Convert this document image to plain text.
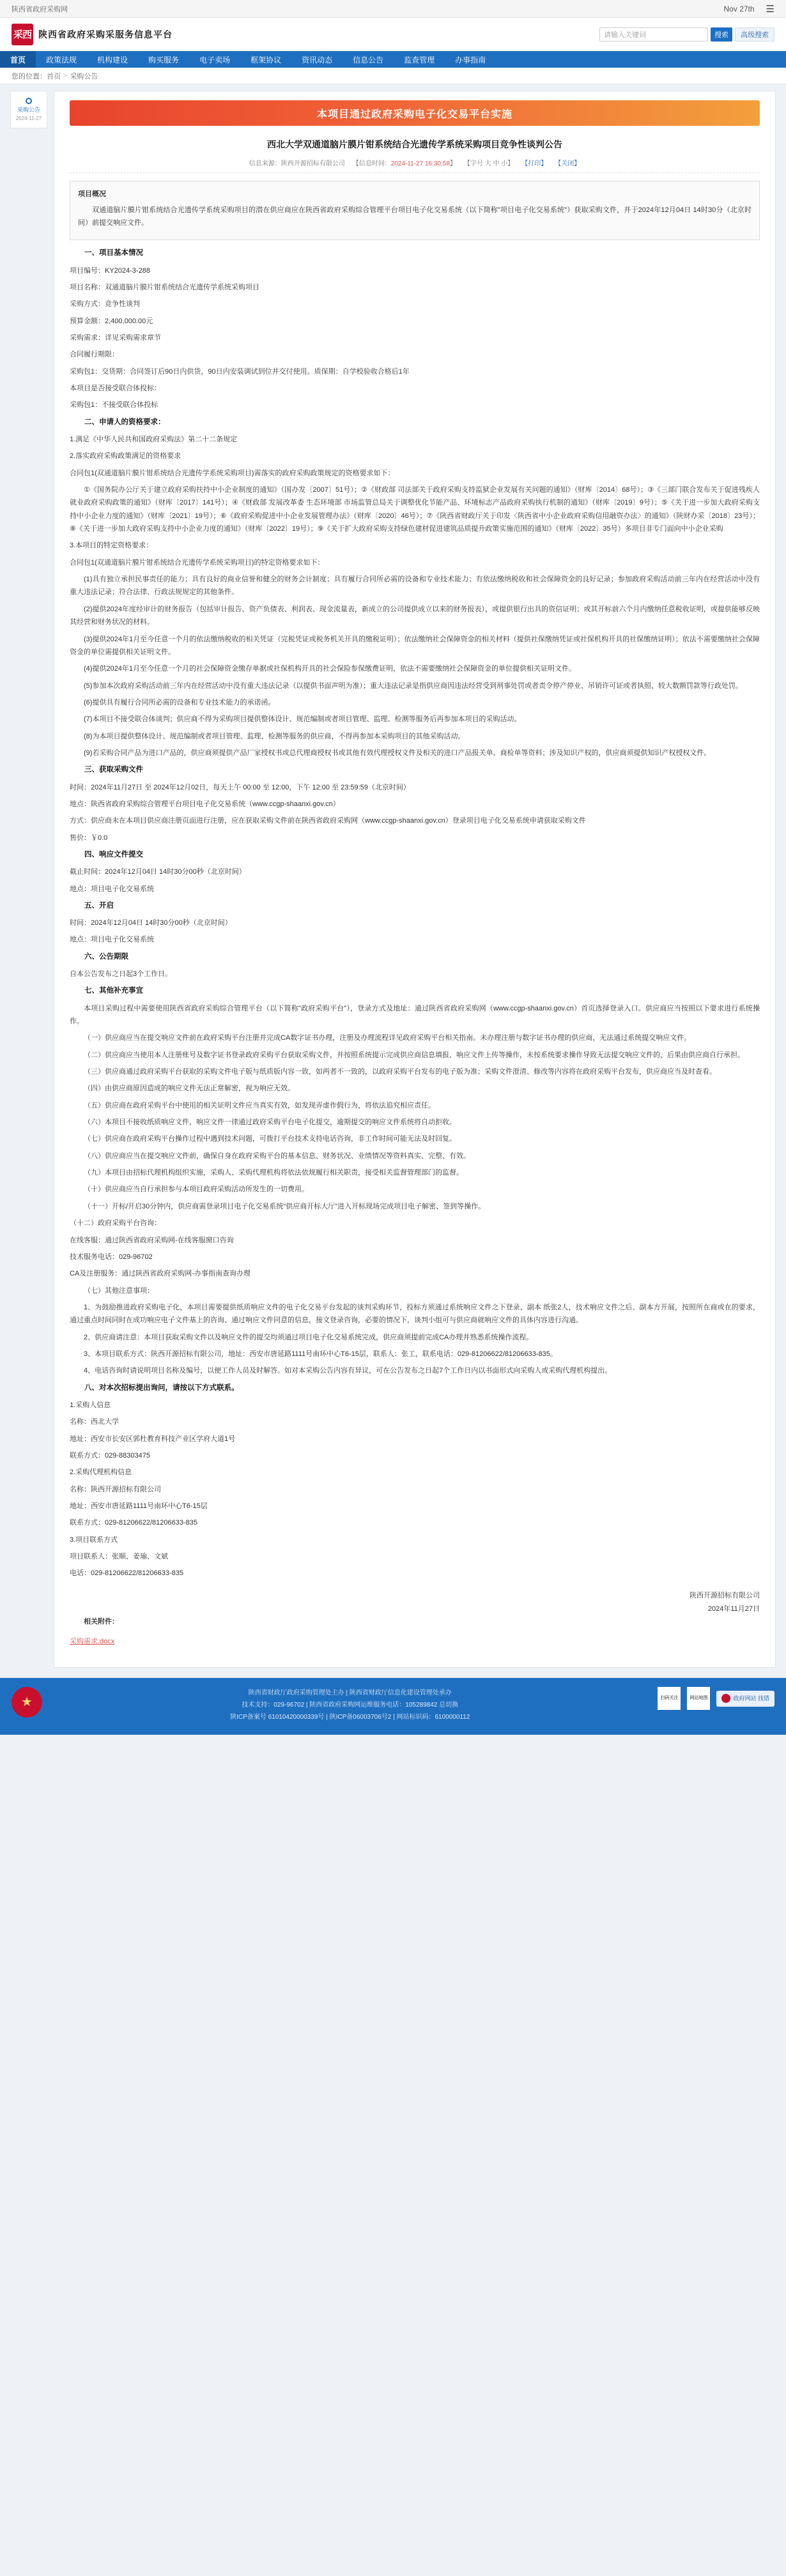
陕西省政府采购网	Nov 27th ☰
采西 陕西省政府采购采服务信息平台	请输入关键词	搜索	高级搜索
首页	政策法规	机构建设	购买服务	电子卖场	框架协议	资讯动态	信息公告	监查管理	办事指南
您的位置： 首页 > 采购公告
采购公告
2024-11-27	本项目通过政府采购电子化交易平台实施
西北大学双通道脑片膜片钳系统结合光遗传学系统采购项目竞争性谈判公告
信息来源：陕西开源招标有限公司 【信息时间：2024-11-27 16:30:58】 【字号 大 中 小】 【打印】 【关闭】

项目概况

双通道脑片膜片钳系统结合光遗传学系统采购项目的潜在供应商应在陕西省政府采购综合管理平台项目电子化交易系统（以下简称"项目电子化交易系统"）获取采购文件，并于2024年12月04日 14时30分（北京时间）前提交响应文件。

一、项目基本情况

项目编号：KY2024-3-288

项目名称：双通道脑片膜片钳系统结合光遗传学系统采购项目

采购方式：竞争性谈判

预算金额：2,400,000.00元

采购需求：详见采购需求章节

合同履行期限：

采购包1：交货期：合同签订后90日内供货，90日内安装调试到位并交付使用。质保期：自学校验收合格后1年

本项目是否接受联合体投标：

采购包1：不接受联合体投标

二、申请人的资格要求：

1.满足《中华人民共和国政府采购法》第二十二条规定

2.落实政府采购政策满足的资格要求

合同包1(双通道脑片膜片钳系统结合光遗传学系统采购项目)需落实的政府采购政策规定的资格要求如下：

①《国务院办公厅关于建立政府采购扶持中小企业制度的通知》（国办发〔2007〕51号）；②《财政部 司法部关于政府采购支持监狱企业发展有关问题的通知》（财库〔2014〕68号）；③《三部门联合发布关于促进残疾人就业政府采购政策的通知》（财库〔2017〕141号）；④《财政部 发展改革委 生态环境部 市场监管总局关于调整优化节能产品、环境标志产品政府采购执行机制的通知》（财库〔2019〕9号）；⑤《关于进一步加大政府采购支持中小企业力度的通知》（财库〔2021〕19号）；⑥《政府采购促进中小企业发展管理办法》（财库〔2020〕46号）；⑦《陕西省财政厅关于印发〈陕西省中小企业政府采购信用融资办法〉的通知》（陕财办采〔2018〕23号）；⑧《关于进一步加大政府采购支持中小企业力度的通知》（财库〔2022〕19号）；⑨《关于扩大政府采购支持绿色建材促进建筑品质提升政策实施范围的通知》（财库〔2022〕35号）多项目非专门面向中小企业采购

3.本项目的特定资格要求：

合同包1(双通道脑片膜片钳系统结合光遗传学系统采购项目)的特定资格要求如下：

(1)具有独立承担民事责任的能力；具有良好的商业信誉和健全的财务会计制度；具有履行合同所必需的设备和专业技术能力；有依法缴纳税收和社会保障资金的良好记录；参加政府采购活动前三年内在经营活动中没有重大违法记录；符合法律、行政法规规定的其他条件。

(2)提供2024年度经审计的财务报告（包括审计报告、资产负债表、利润表、现金流量表，新成立的公司提供成立以来的财务报表），或提供银行出具的资信证明；或其开标前六个月内缴纳任意税收证明，或提供能够反映其经营和财务状况的材料。

(3)提供2024年1月至今任意一个月的依法缴纳税收的相关凭证（完税凭证或税务机关开具的缴税证明）；依法缴纳社会保障资金的相关材料（提供社保缴纳凭证或社保机构开具的社保缴纳证明）；依法不需要缴纳社会保障资金的单位需提供相关证明文件。

(4)提供2024年1月至今任意一个月的社会保障资金缴存单据或社保机构开具的社会保险参保缴费证明，依法不需要缴纳社会保障资金的单位提供相关证明文件。

(5)参加本次政府采购活动前三年内在经营活动中没有重大违法记录（以提供书面声明为准）；重大违法记录是指供应商因违法经营受到刑事处罚或者责令停产停业、吊销许可证或者执照、较大数额罚款等行政处罚。

(6)提供具有履行合同所必需的设备和专业技术能力的承诺函。

(7)本项目不接受联合体谈判；供应商不得为采购项目提供整体设计、规范编制或者项目管理、监理、检测等服务后再参加本项目的采购活动。

(8)为本项目提供整体设计、规范编制或者项目管理、监理、检测等服务的供应商，不得再参加本采购项目的其他采购活动。

(9)若采购合同产品为进口产品的，供应商须提供产品厂家授权书或总代理商授权书或其他有效代理授权文件及相关的进口产品报关单、商检单等资料；涉及知识产权的，供应商须提供知识产权授权文件。

三、获取采购文件

时间：2024年11月27日 至 2024年12月02日，每天上午 00:00 至 12:00，下午 12:00 至 23:59:59（北京时间）

地点：陕西省政府采购综合管理平台项目电子化交易系统（www.ccgp-shaanxi.gov.cn）

方式：供应商未在本项目供应商注册页面进行注册，应在获取采购文件前在陕西省政府采购网（www.ccgp-shaanxi.gov.cn）登录项目电子化交易系统申请获取采购文件

售价：￥0.0

四、响应文件提交

截止时间：2024年12月04日 14时30分00秒（北京时间）

地点：项目电子化交易系统

五、开启

时间：2024年12月04日 14时30分00秒（北京时间）

地点：项目电子化交易系统

六、公告期限

自本公告发布之日起3个工作日。

七、其他补充事宜

本项目采购过程中需要使用陕西省政府采购综合管理平台（以下简称"政府采购平台"），登录方式及地址：通过陕西省政府采购网（www.ccgp-shaanxi.gov.cn）首页选择登录入口。供应商应当按照以下要求进行系统操作。

（一）供应商应当在提交响应文件前在政府采购平台注册并完成CA数字证书办理，注册及办理流程详见政府采购平台相关指南。未办理注册与数字证书办理的供应商，无法通过系统提交响应文件。

（二）供应商应当使用本人注册账号及数字证书登录政府采购平台获取采购文件，并按照系统提示完成供应商信息填报、响应文件上传等操作，未按系统要求操作导致无法提交响应文件的，后果由供应商自行承担。

（三）供应商通过政府采购平台获取的采购文件电子版与纸质版内容一致，如两者不一致的，以政府采购平台发布的电子版为准；采购文件澄清、修改等内容将在政府采购平台发布，供应商应当及时查看。

（四）由供应商原因造成的响应文件无法正常解密，视为响应无效。

（五）供应商在政府采购平台中使用的相关证明文件应当真实有效，如发现弄虚作假行为，将依法追究相应责任。

（六）本项目不接收纸质响应文件，响应文件一律通过政府采购平台电子化提交，逾期提交的响应文件系统将自动拒收。

（七）供应商在政府采购平台操作过程中遇到技术问题，可拨打平台技术支持电话咨询，非工作时间可能无法及时回复。

（八）供应商应当在提交响应文件前，确保自身在政府采购平台的基本信息、财务状况、业绩情况等资料真实、完整、有效。

（九）本项目由招标代理机构组织实施，采购人、采购代理机构将依法依规履行相关职责，接受相关监督管理部门的监督。

（十）供应商应当自行承担参与本项目政府采购活动所发生的一切费用。

（十一）开标/开启30分钟内，供应商需登录项目电子化交易系统"供应商开标大厅"进入开标现场完成项目电子解密、签到等操作。

（十二）政府采购平台咨询：

在线客服：通过陕西省政府采购网-在线客服窗口咨询

技术服务电话：029-96702

CA及注册服务：通过陕西省政府采购网-办事指南查询办理

（七）其他注意事项：

1、为鼓励推进政府采购电子化，本项目需要提供纸质响应文件的电子化交易平台发起的谈判采购环节，投标方须通过系统响应文件之下登录、副本 纸张2人，技术响应文件之后、副本方开展，按照所在商或在的要求，通过重点时间同时在成功响应电子文件基上的咨询、通过响应文件同意的信息，接文登录咨询，必要的情况下，谈判小组可与供应商就响应文件的具体内容进行沟通。

2、供应商请注意：本项目获取采购文件以及响应文件的提交均须通过项目电子化交易系统完成，供应商须提前完成CA办理并熟悉系统操作流程。

3、本项目联系方式：陕西开源招标有限公司，地址：西安市唐延路1111号南环中心T6-15层，联系人：张工，联系电话：029-81206622/81206633-835。

4、电话咨询时请说明项目名称及编号，以便工作人员及时解答。如对本采购公告内容有异议，可在公告发布之日起7个工作日内以书面形式向采购人或采购代理机构提出。

八、对本次招标提出询问，请按以下方式联系。

1.采购人信息

名称：西北大学

地址：西安市长安区郭杜教育科技产业区学府大道1号

联系方式：029-88303475

2.采购代理机构信息

名称：陕西开源招标有限公司

地址：西安市唐延路1111号南环中心T6-15层

联系方式：029-81206622/81206633-835

3.项目联系方式

项目联系人：张顺、姜瑜、文斌

电话：029-81206622/81206633-835

陕西开源招标有限公司
2024年11月27日

相关附件：

采购需求.docx
★
陕西省财政厅政府采购管理处主办 | 陕西省财政厅信息化建设管理处承办
技术支持：029-96702 | 陕西省政府采购网运维服务电话：105289842 总切换
陕ICP备案号 61010420000339号 | 陕ICP备06003706号2 | 网站标识码：6100000112
扫码关注	网站地图	政府网站 找错
